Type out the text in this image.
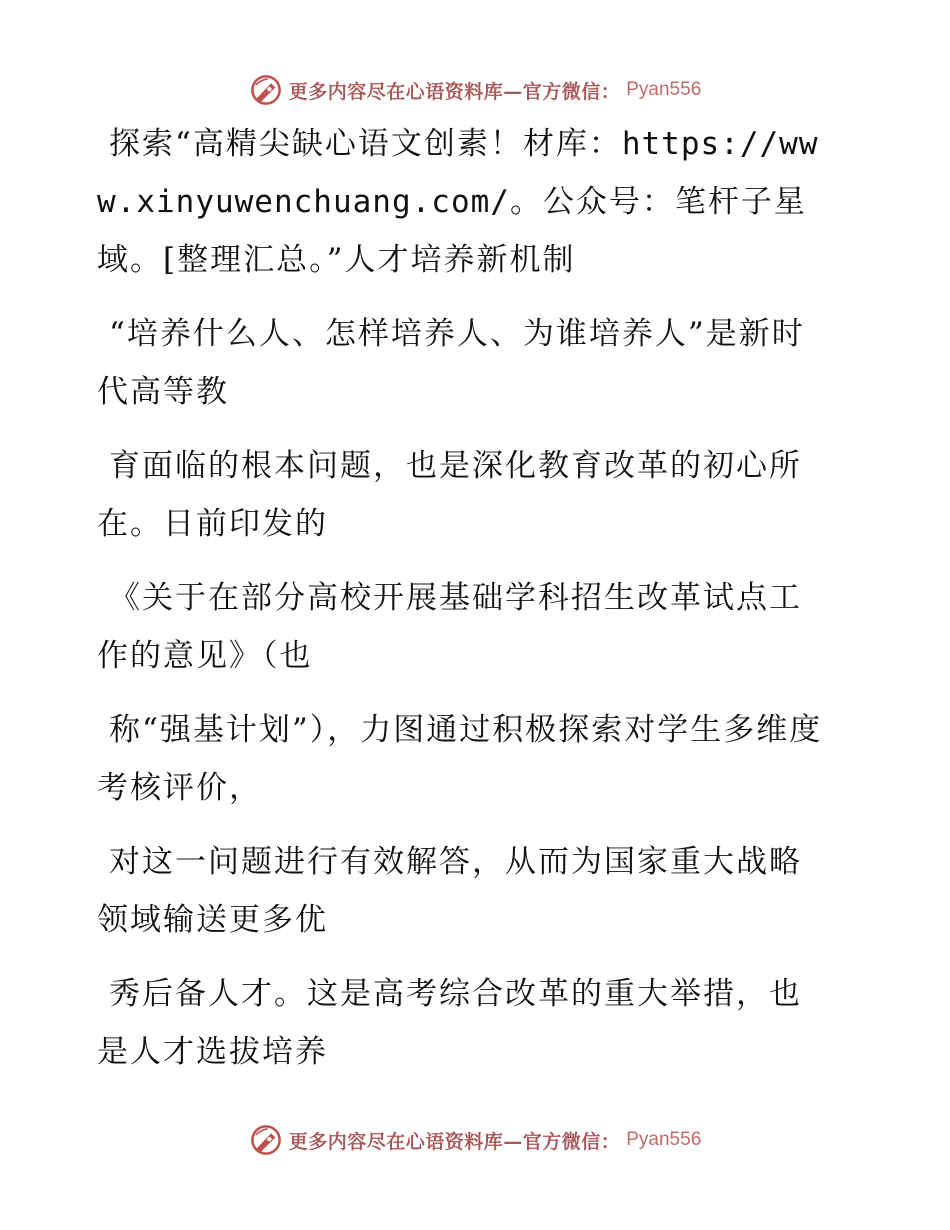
更多内容尽在心语资料库—官方微信： Pyan556

探索“高精尖缺心语文创素！材库：https://www.xinyuwenchuang.com/。公众号：笔杆子星域。[整理汇总。”人才培养新机制

“培养什么人、怎样培养人、为谁培养人”是新时代高等教

育面临的根本问题，也是深化教育改革的初心所在。日前印发的

《关于在部分高校开展基础学科招生改革试点工作的意见》（也

称“强基计划”），力图通过积极探索对学生多维度考核评价，

对这一问题进行有效解答，从而为国家重大战略领域输送更多优

秀后备人才。这是高考综合改革的重大举措，也是人才选拔培养

更多内容尽在心语资料库—官方微信： Pyan556
